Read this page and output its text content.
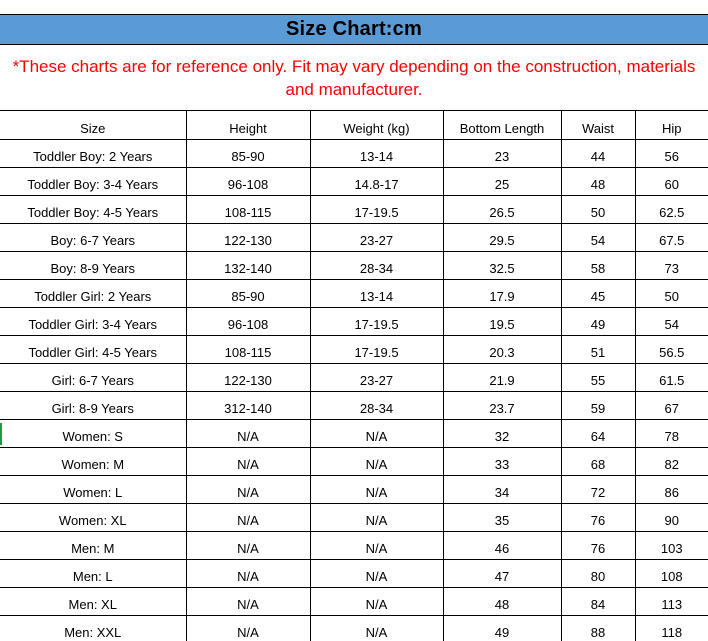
Size Chart:cm
*These charts are for reference only. Fit may vary depending on the construction, materials and manufacturer.
Size	Height	Weight (kg)	Bottom Length	Waist	Hip
Toddler Boy: 2 Years	85-90	13-14	23	44	56
Toddler Boy: 3-4 Years	96-108	14.8-17	25	48	60
Toddler Boy: 4-5 Years	108-115	17-19.5	26.5	50	62.5
Boy: 6-7 Years	122-130	23-27	29.5	54	67.5
Boy: 8-9 Years	132-140	28-34	32.5	58	73
Toddler Girl: 2 Years	85-90	13-14	17.9	45	50
Toddler Girl: 3-4 Years	96-108	17-19.5	19.5	49	54
Toddler Girl: 4-5 Years	108-115	17-19.5	20.3	51	56.5
Girl: 6-7 Years	122-130	23-27	21.9	55	61.5
Girl: 8-9 Years	312-140	28-34	23.7	59	67
Women: S	N/A	N/A	32	64	78
Women: M	N/A	N/A	33	68	82
Women: L	N/A	N/A	34	72	86
Women: XL	N/A	N/A	35	76	90
Men: M	N/A	N/A	46	76	103
Men: L	N/A	N/A	47	80	108
Men: XL	N/A	N/A	48	84	113
Men: XXL	N/A	N/A	49	88	118
